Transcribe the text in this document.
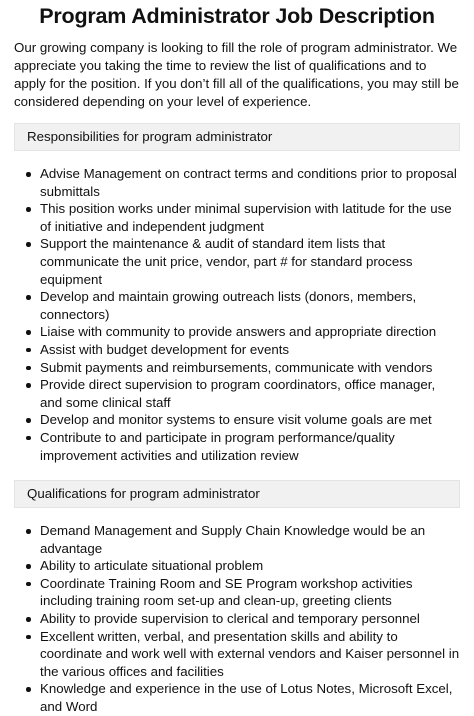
Program Administrator Job Description

Our growing company is looking to fill the role of program administrator. We appreciate you taking the time to review the list of qualifications and to apply for the position. If you don’t fill all of the qualifications, you may still be considered depending on your level of experience.

Responsibilities for program administrator
Advise Management on contract terms and conditions prior to proposal submittals
This position works under minimal supervision with latitude for the use of initiative and independent judgment
Support the maintenance & audit of standard item lists that communicate the unit price, vendor, part # for standard process equipment
Develop and maintain growing outreach lists (donors, members, connectors)
Liaise with community to provide answers and appropriate direction
Assist with budget development for events
Submit payments and reimbursements, communicate with vendors
Provide direct supervision to program coordinators, office manager, and some clinical staff
Develop and monitor systems to ensure visit volume goals are met
Contribute to and participate in program performance/quality improvement activities and utilization review
Qualifications for program administrator
Demand Management and Supply Chain Knowledge would be an advantage
Ability to articulate situational problem
Coordinate Training Room and SE Program workshop activities including training room set-up and clean-up, greeting clients
Ability to provide supervision to clerical and temporary personnel
Excellent written, verbal, and presentation skills and ability to coordinate and work well with external vendors and Kaiser personnel in the various offices and facilities
Knowledge and experience in the use of Lotus Notes, Microsoft Excel, and Word
